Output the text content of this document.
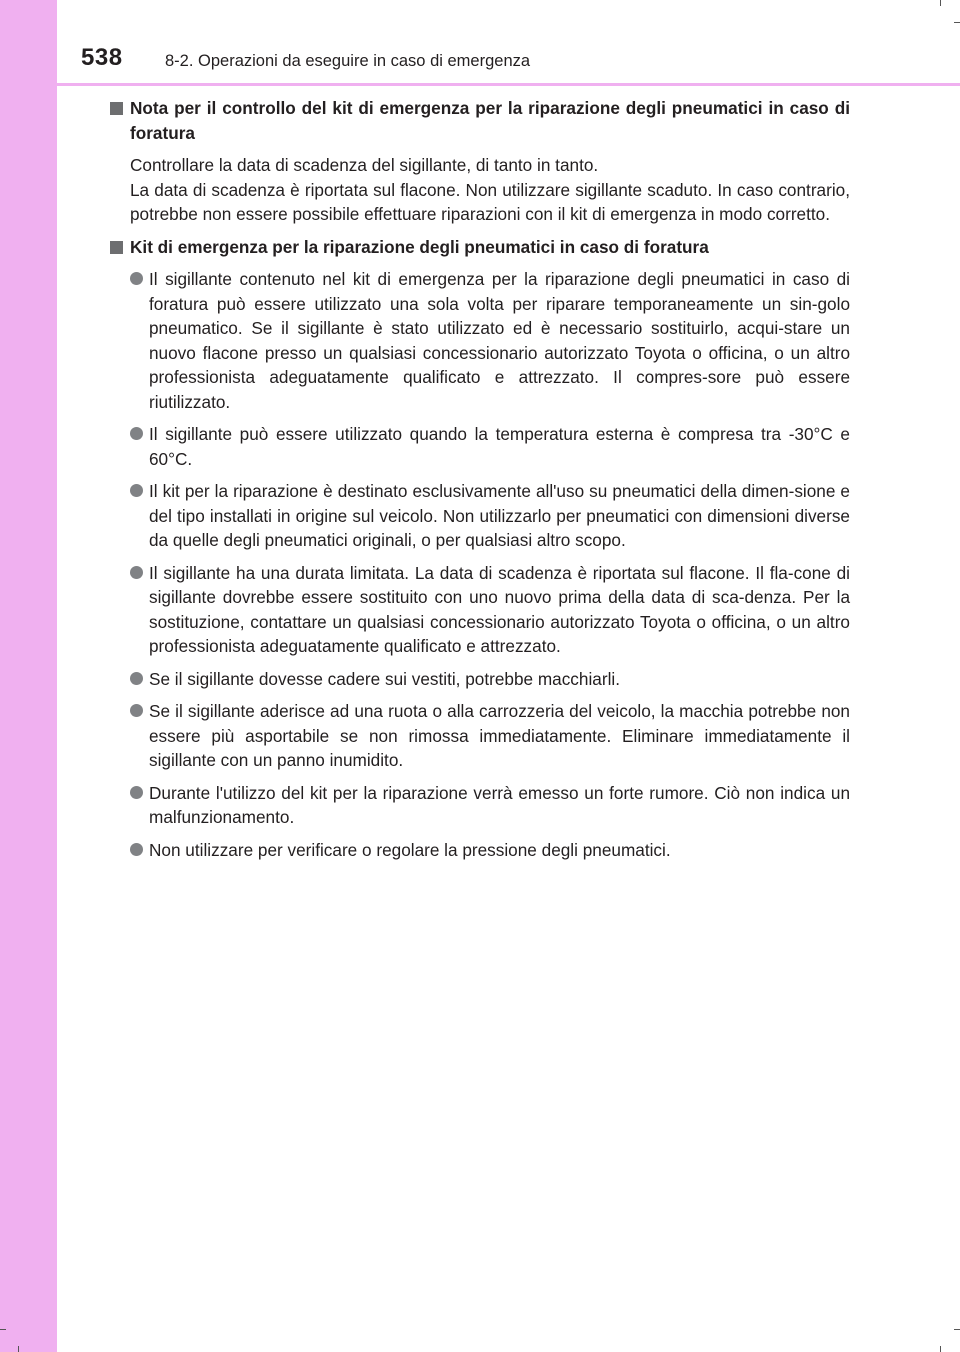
538	8-2. Operazioni da eseguire in caso di emergenza
Nota per il controllo del kit di emergenza per la riparazione degli pneumatici in caso di foratura
Controllare la data di scadenza del sigillante, di tanto in tanto.
La data di scadenza è riportata sul flacone. Non utilizzare sigillante scaduto. In caso contrario, potrebbe non essere possibile effettuare riparazioni con il kit di emergenza in modo corretto.
Kit di emergenza per la riparazione degli pneumatici in caso di foratura
Il sigillante contenuto nel kit di emergenza per la riparazione degli pneumatici in caso di foratura può essere utilizzato una sola volta per riparare temporaneamente un sin-golo pneumatico. Se il sigillante è stato utilizzato ed è necessario sostituirlo, acqui-stare un nuovo flacone presso un qualsiasi concessionario autorizzato Toyota o officina, o un altro professionista adeguatamente qualificato e attrezzato. Il compres-sore può essere riutilizzato.
Il sigillante può essere utilizzato quando la temperatura esterna è compresa tra -30°C e 60°C.
Il kit per la riparazione è destinato esclusivamente all'uso su pneumatici della dimen-sione e del tipo installati in origine sul veicolo. Non utilizzarlo per pneumatici con dimensioni diverse da quelle degli pneumatici originali, o per qualsiasi altro scopo.
Il sigillante ha una durata limitata. La data di scadenza è riportata sul flacone. Il fla-cone di sigillante dovrebbe essere sostituito con uno nuovo prima della data di sca-denza. Per la sostituzione, contattare un qualsiasi concessionario autorizzato Toyota o officina, o un altro professionista adeguatamente qualificato e attrezzato.
Se il sigillante dovesse cadere sui vestiti, potrebbe macchiarli.
Se il sigillante aderisce ad una ruota o alla carrozzeria del veicolo, la macchia potrebbe non essere più asportabile se non rimossa immediatamente. Eliminare immediatamente il sigillante con un panno inumidito.
Durante l'utilizzo del kit per la riparazione verrà emesso un forte rumore. Ciò non indica un malfunzionamento.
Non utilizzare per verificare o regolare la pressione degli pneumatici.
